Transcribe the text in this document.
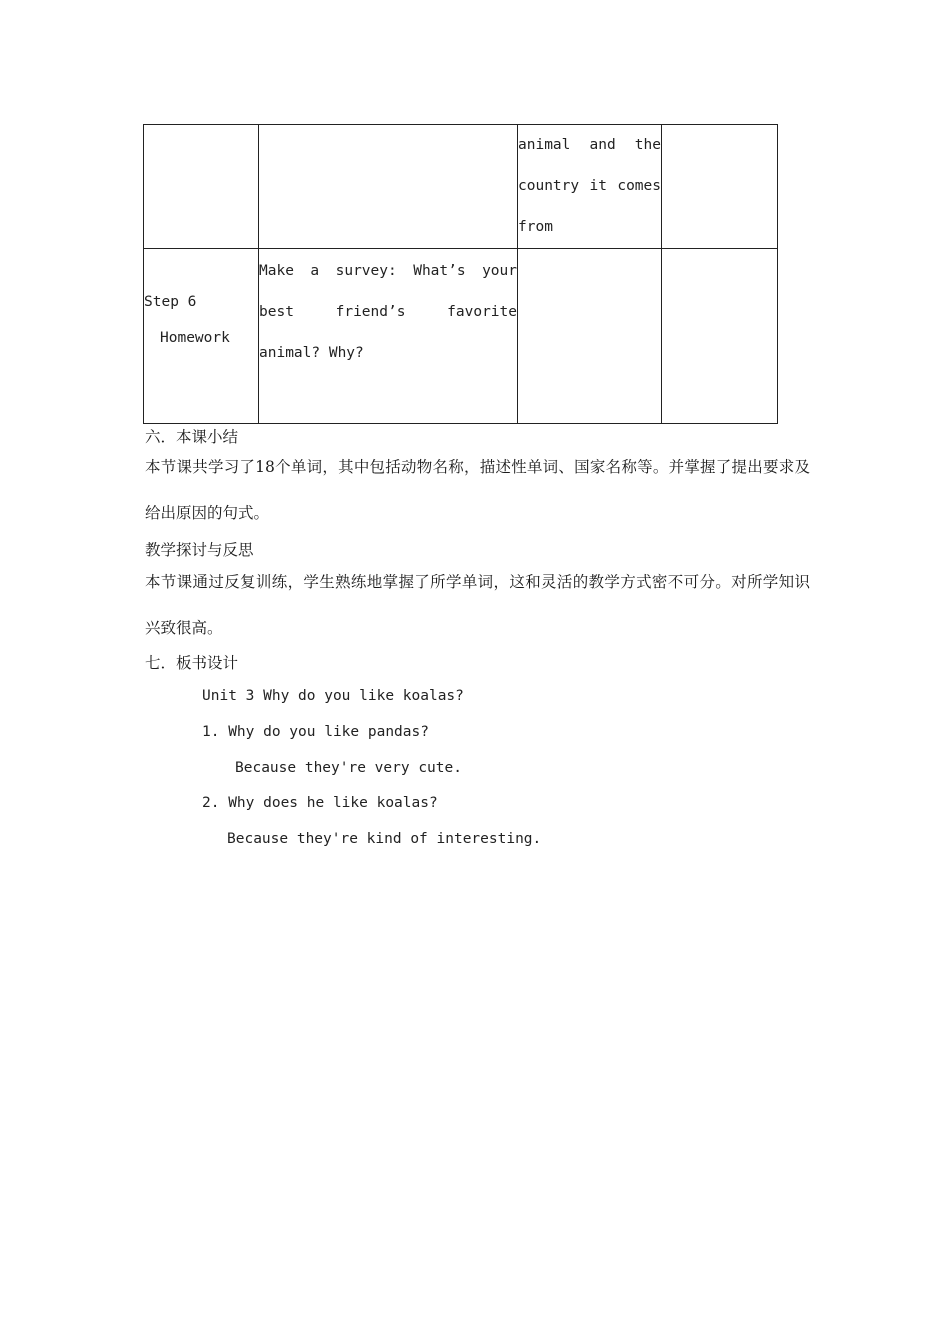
		animal and the
country it comes
from	

Step 6
Homework	Make a survey: What’s your
best friend’s favorite
animal? Why?		

六．本课小结
本节课共学习了18个单词，其中包括动物名称，描述性单词、国家名称等。并掌握了提出要求及给出原因的句式。
教学探讨与反思
本节课通过反复训练，学生熟练地掌握了所学单词，这和灵活的教学方式密不可分。对所学知识兴致很高。
七．板书设计
Unit 3 Why do you like koalas?
1. Why do you like pandas?
Because they're very cute.
2. Why does he like koalas?
Because they're kind of interesting.
